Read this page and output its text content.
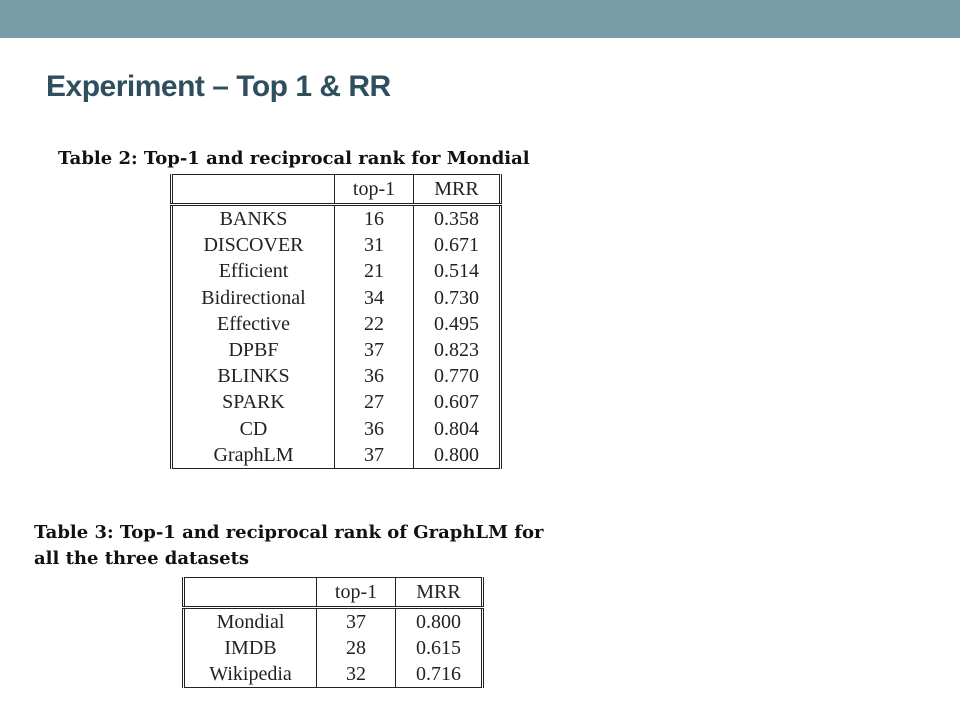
Experiment – Top 1 & RR

Table 2: Top-1 and reciprocal rank for Mondial

	top-1	MRR
BANKS	16	0.358
DISCOVER	31	0.671
Efficient	21	0.514
Bidirectional	34	0.730
Effective	22	0.495
DPBF	37	0.823
BLINKS	36	0.770
SPARK	27	0.607
CD	36	0.804
GraphLM	37	0.800

Table 3: Top-1 and reciprocal rank of GraphLM for
all the three datasets

	top-1	MRR
Mondial	37	0.800
IMDB	28	0.615
Wikipedia	32	0.716
